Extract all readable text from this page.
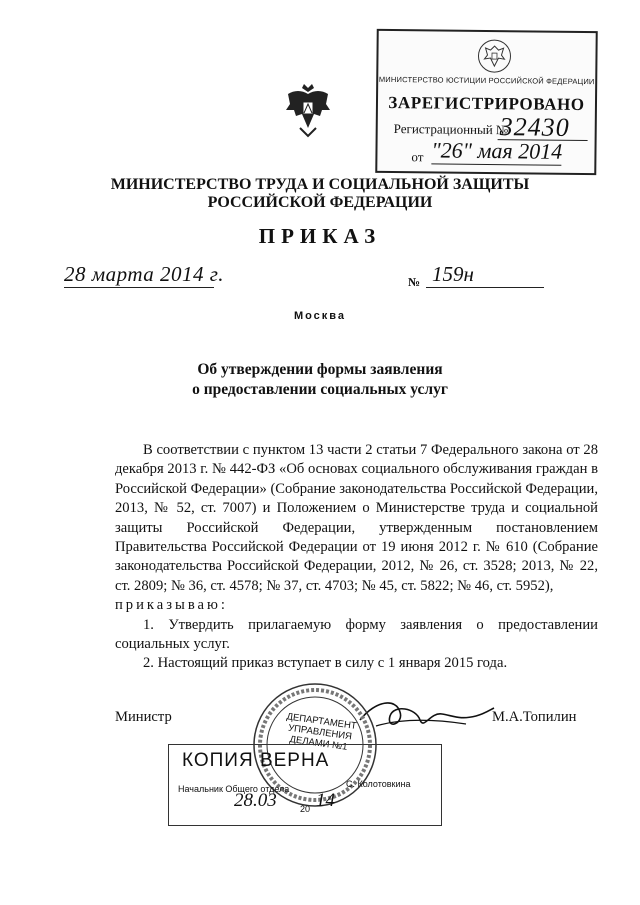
МИНИСТЕРСТВО ЮСТИЦИИ РОССИЙСКОЙ ФЕДЕРАЦИИ
ЗАРЕГИСТРИРОВАНО
Регистрационный №
32430
от "26" мая 2014
МИНИСТЕРСТВО ТРУДА И СОЦИАЛЬНОЙ ЗАЩИТЫ
РОССИЙСКОЙ ФЕДЕРАЦИИ
ПРИКАЗ
28 марта 2014 г.	№ 159н
Москва
Об утверждении формы заявления
о предоставлении социальных услуг

В соответствии с пунктом 13 части 2 статьи 7 Федерального закона от 28 декабря 2013 г. № 442-ФЗ «Об основах социального обслуживания граждан в Российской Федерации» (Собрание законодательства Российской Федерации, 2013, № 52, ст. 7007) и Положением о Министерстве труда и социальной защиты Российской Федерации, утвержденным постановлением Правительства Российской Федерации от 19 июня 2012 г. № 610 (Собрание законодательства Российской Федерации, 2012, № 26, ст. 3528; 2013, № 22, ст. 2809; № 36, ст. 4578; № 37, ст. 4703; № 45, ст. 5822; № 46, ст. 5952),

приказываю:

1. Утвердить прилагаемую форму заявления о предоставлении социальных услуг.

2. Настоящий приказ вступает в силу с 1 января 2015 года.

Министр	М.А.Топилин
ДЕПАРТАМЕНТ УПРАВЛЕНИЯ ДЕЛАМИ №1
КОПИЯ ВЕРНА
Начальник Общего отдела	С. Колотовкина
28.03	20 14
